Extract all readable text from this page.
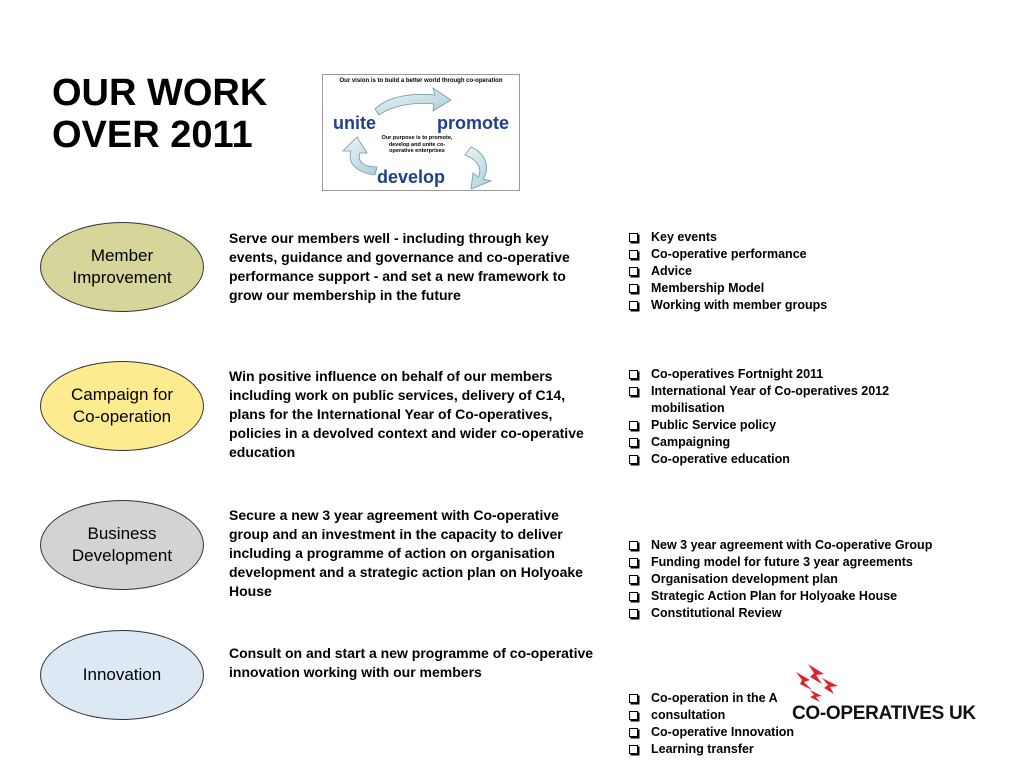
OUR WORK
OVER 2011
Our vision is to build a better world through co-operation
unite	promote
Our purpose is to promote, develop and unite co-operative enterprises
develop
Member
Improvement

Serve our members well - including through key events, guidance and governance and co-operative performance support - and set a new framework to grow our membership in the future

Key events
Co-operative performance
Advice
Membership Model
Working with member groups
Campaign for
Co-operation

Win positive influence on behalf of our members including work on public services, delivery of C14, plans for the International Year of Co-operatives, policies in a devolved context and wider co-operative education

Co-operatives Fortnight 2011
International Year of Co-operatives 2012 mobilisation
Public Service policy
Campaigning
Co-operative education
Business
Development

Secure a new 3 year agreement with Co-operative group and an investment in the capacity to deliver including a programme of action on organisation development and a strategic action plan on Holyoake House

New 3 year agreement with Co-operative Group
Funding model for future 3 year agreements
Organisation development plan
Strategic Action Plan for Holyoake House
Constitutional Review
Innovation

Consult on and start a new programme of co-operative innovation working with our members

Co-operation in the A
consultation
Co-operative Innovation
Learning transfer
CO-OPERATIVES UK
